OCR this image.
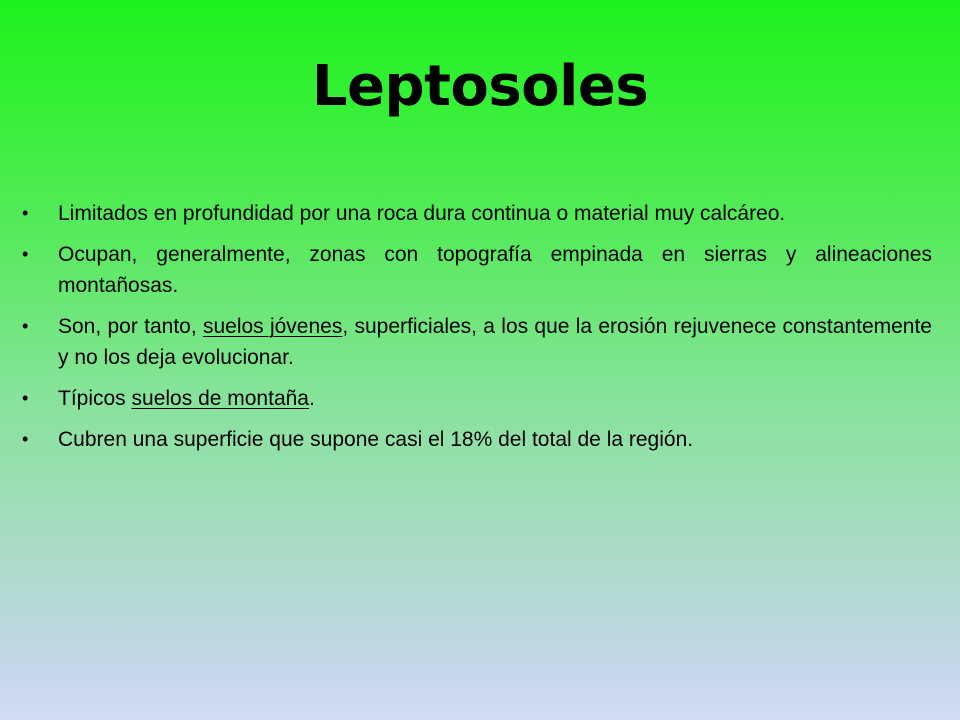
Leptosoles
• Limitados en profundidad por una roca dura continua o material muy calcáreo.
• Ocupan, generalmente, zonas con topografía empinada en sierras y alineaciones montañosas.
• Son, por tanto, suelos jóvenes, superficiales, a los que la erosión rejuvenece constantemente y no los deja evolucionar.
• Típicos suelos de montaña.
• Cubren una superficie que supone casi el 18% del total de la región.
